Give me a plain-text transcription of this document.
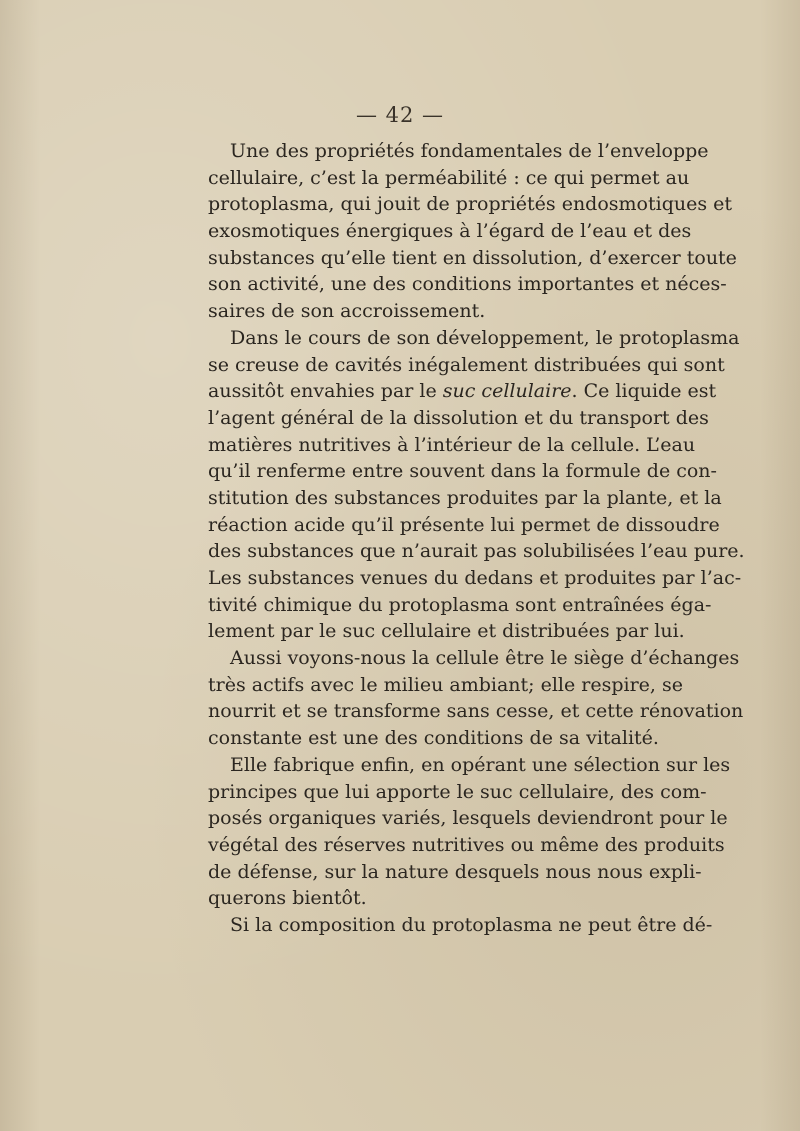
— 42 —
Une des propriétés fondamentales de l’enveloppe
cellulaire, c’est la perméabilité : ce qui permet au
protoplasma, qui jouit de propriétés endosmotiques et
exosmotiques énergiques à l’égard de l’eau et des
substances qu’elle tient en dissolution, d’exercer toute
son activité, une des conditions importantes et néces-
saires de son accroissement.
Dans le cours de son développement, le protoplasma
se creuse de cavités inégalement distribuées qui sont
aussitôt envahies par le suc cellulaire. Ce liquide est
l’agent général de la dissolution et du transport des
matières nutritives à l’intérieur de la cellule. L’eau
qu’il renferme entre souvent dans la formule de con-
stitution des substances produites par la plante, et la
réaction acide qu’il présente lui permet de dissoudre
des substances que n’aurait pas solubilisées l’eau pure.
Les substances venues du dedans et produites par l’ac-
tivité chimique du protoplasma sont entraînées éga-
lement par le suc cellulaire et distribuées par lui.
Aussi voyons-nous la cellule être le siège d’échanges
très actifs avec le milieu ambiant; elle respire, se
nourrit et se transforme sans cesse, et cette rénovation
constante est une des conditions de sa vitalité.
Elle fabrique enfin, en opérant une sélection sur les
principes que lui apporte le suc cellulaire, des com-
posés organiques variés, lesquels deviendront pour le
végétal des réserves nutritives ou même des produits
de défense, sur la nature desquels nous nous expli-
querons bientôt.
Si la composition du protoplasma ne peut être dé-
